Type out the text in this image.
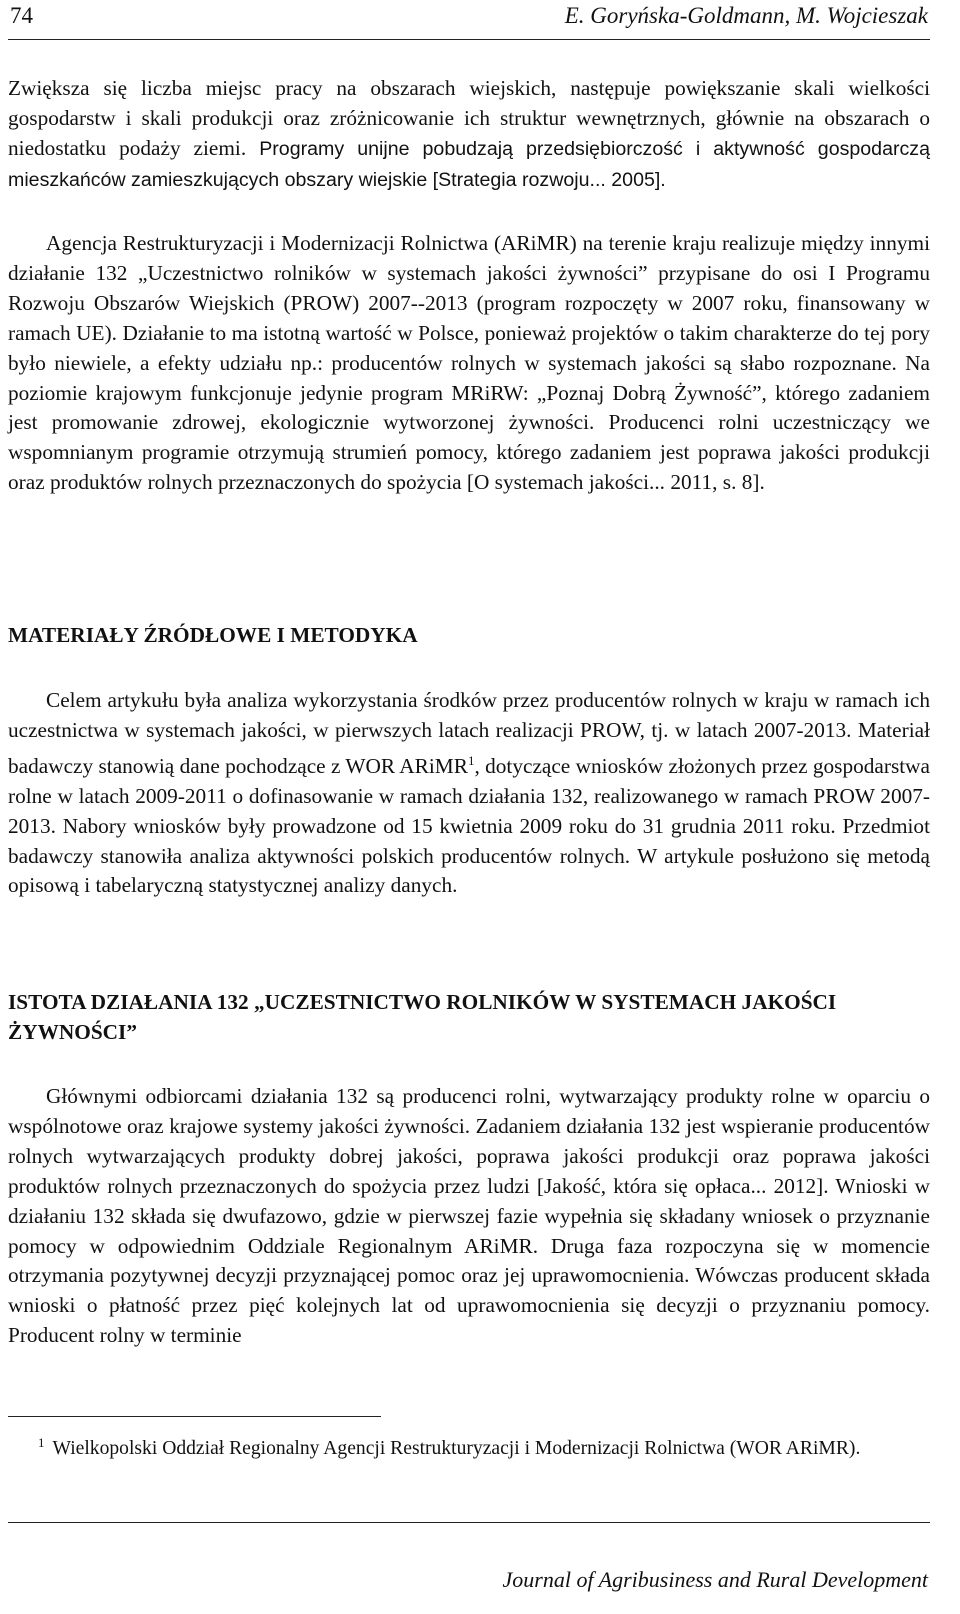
74	E. Goryńska-Goldmann, M. Wojcieszak

Zwiększa się liczba miejsc pracy na obszarach wiejskich, następuje powiększanie skali wielkości gospodarstw i skali produkcji oraz zróżnicowanie ich struktur wewnętrznych, głównie na obszarach o niedostatku podaży ziemi. Programy unijne pobudzają przedsiębiorczość i aktywność gospodarczą mieszkańców zamieszkujących obszary wiejskie [Strategia rozwoju... 2005].

Agencja Restrukturyzacji i Modernizacji Rolnictwa (ARiMR) na terenie kraju realizuje między innymi działanie 132 „Uczestnictwo rolników w systemach jakości żywności” przypisane do osi I Programu Rozwoju Obszarów Wiejskich (PROW) 2007--2013 (program rozpoczęty w 2007 roku, finansowany w ramach UE). Działanie to ma istotną wartość w Polsce, ponieważ projektów o takim charakterze do tej pory było niewiele, a efekty udziału np.: producentów rolnych w systemach jakości są słabo rozpoznane. Na poziomie krajowym funkcjonuje jedynie program MRiRW: „Poznaj Dobrą Żywność”, którego zadaniem jest promowanie zdrowej, ekologicznie wytworzonej żywności. Producenci rolni uczestniczący we wspomnianym programie otrzymują strumień pomocy, którego zadaniem jest poprawa jakości produkcji oraz produktów rolnych przeznaczonych do spożycia [O systemach jakości... 2011, s. 8].

MATERIAŁY ŹRÓDŁOWE I METODYKA

Celem artykułu była analiza wykorzystania środków przez producentów rolnych w kraju w ramach ich uczestnictwa w systemach jakości, w pierwszych latach realizacji PROW, tj. w latach 2007-2013. Materiał badawczy stanowią dane pochodzące z WOR ARiMR$^1$, dotyczące wniosków złożonych przez gospodarstwa rolne w latach 2009-2011 o dofinasowanie w ramach działania 132, realizowanego w ramach PROW 2007-2013. Nabory wniosków były prowadzone od 15 kwietnia 2009 roku do 31 grudnia 2011 roku. Przedmiot badawczy stanowiła analiza aktywności polskich producentów rolnych. W artykule posłużono się metodą opisową i tabelaryczną statystycznej analizy danych.

ISTOTA DZIAŁANIA 132 „UCZESTNICTWO ROLNIKÓW W SYSTEMACH JAKOŚCI ŻYWNOŚCI”

Głównymi odbiorcami działania 132 są producenci rolni, wytwarzający produkty rolne w oparciu o wspólnotowe oraz krajowe systemy jakości żywności. Zadaniem działania 132 jest wspieranie producentów rolnych wytwarzających produkty dobrej jakości, poprawa jakości produkcji oraz poprawa jakości produktów rolnych przeznaczonych do spożycia przez ludzi [Jakość, która się opłaca... 2012]. Wnioski w działaniu 132 składa się dwufazowo, gdzie w pierwszej fazie wypełnia się składany wniosek o przyznanie pomocy w odpowiednim Oddziale Regionalnym ARiMR. Druga faza rozpoczyna się w momencie otrzymania pozytywnej decyzji przyznającej pomoc oraz jej uprawomocnienia. Wówczas producent składa wnioski o płatność przez pięć kolejnych lat od uprawomocnienia się decyzji o przyznaniu pomocy. Producent rolny w terminie

$^1$ Wielkopolski Oddział Regionalny Agencji Restrukturyzacji i Modernizacji Rolnictwa (WOR ARiMR).

Journal of Agribusiness and Rural Development
